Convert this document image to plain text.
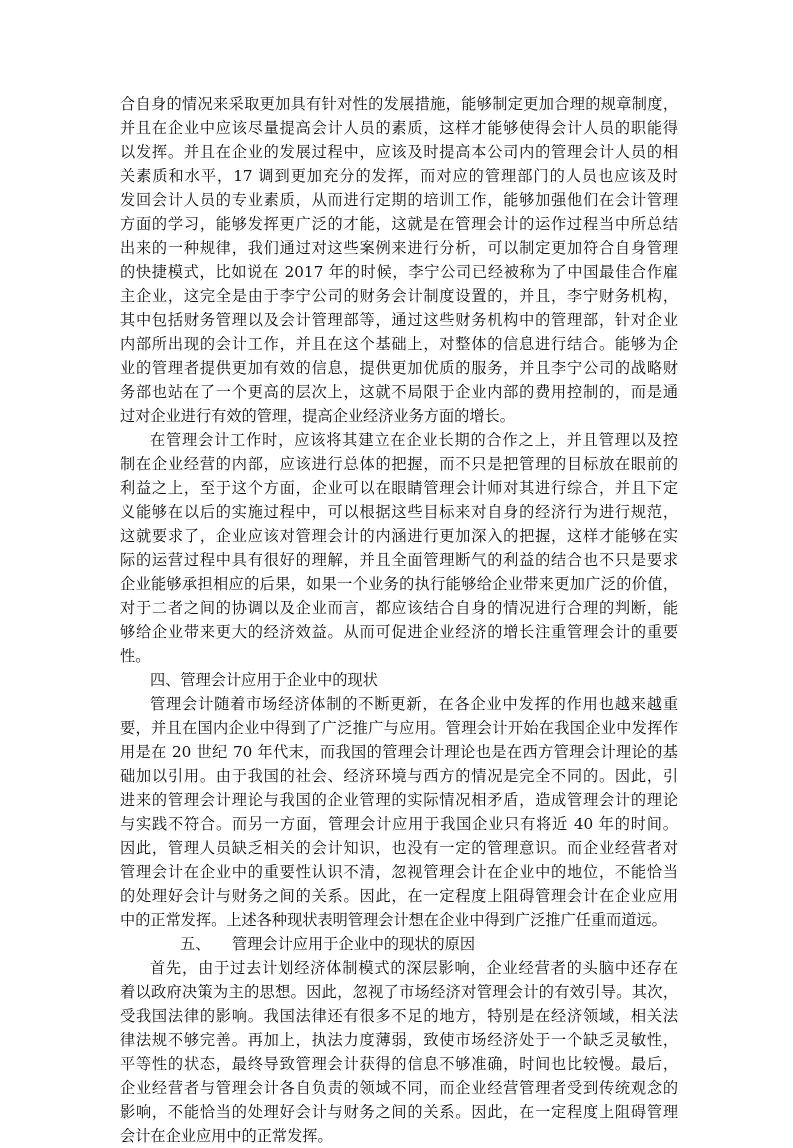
合自身的情况来采取更加具有针对性的发展措施，能够制定更加合理的规章制度，
并且在企业中应该尽量提高会计人员的素质，这样才能够使得会计人员的职能得
以发挥。并且在企业的发展过程中，应该及时提高本公司内的管理会计人员的相
关素质和水平，17 调到更加充分的发挥，而对应的管理部门的人员也应该及时
发回会计人员的专业素质，从而进行定期的培训工作，能够加强他们在会计管理
方面的学习，能够发挥更广泛的才能，这就是在管理会计的运作过程当中所总结
出来的一种规律，我们通过对这些案例来进行分析，可以制定更加符合自身管理
的快捷模式，比如说在 2017 年的时候，李宁公司已经被称为了中国最佳合作雇
主企业，这完全是由于李宁公司的财务会计制度设置的，并且，李宁财务机构，
其中包括财务管理以及会计管理部等，通过这些财务机构中的管理部，针对企业
内部所出现的会计工作，并且在这个基础上，对整体的信息进行结合。能够为企
业的管理者提供更加有效的信息，提供更加优质的服务，并且李宁公司的战略财
务部也站在了一个更高的层次上，这就不局限于企业内部的费用控制的，而是通
过对企业进行有效的管理，提高企业经济业务方面的增长。
在管理会计工作时，应该将其建立在企业长期的合作之上，并且管理以及控
制在企业经营的内部，应该进行总体的把握，而不只是把管理的目标放在眼前的
利益之上，至于这个方面，企业可以在眼睛管理会计师对其进行综合，并且下定
义能够在以后的实施过程中，可以根据这些目标来对自身的经济行为进行规范，
这就要求了，企业应该对管理会计的内涵进行更加深入的把握，这样才能够在实
际的运营过程中具有很好的理解，并且全面管理断气的利益的结合也不只是要求
企业能够承担相应的后果，如果一个业务的执行能够给企业带来更加广泛的价值，
对于二者之间的协调以及企业而言，都应该结合自身的情况进行合理的判断，能
够给企业带来更大的经济效益。从而可促进企业经济的增长注重管理会计的重要
性。
四、管理会计应用于企业中的现状
管理会计随着市场经济体制的不断更新，在各企业中发挥的作用也越来越重
要，并且在国内企业中得到了广泛推广与应用。管理会计开始在我国企业中发挥作
用是在 20 世纪 70 年代末，而我国的管理会计理论也是在西方管理会计理论的基
础加以引用。由于我国的社会、经济环境与西方的情况是完全不同的。因此，引
进来的管理会计理论与我国的企业管理的实际情况相矛盾，造成管理会计的理论
与实践不符合。而另一方面，管理会计应用于我国企业只有将近 40 年的时间。
因此，管理人员缺乏相关的会计知识，也没有一定的管理意识。而企业经营者对
管理会计在企业中的重要性认识不清，忽视管理会计在企业中的地位，不能恰当
的处理好会计与财务之间的关系。因此，在一定程度上阻碍管理会计在企业应用
中的正常发挥。上述各种现状表明管理会计想在企业中得到广泛推广任重而道远。
五、 管理会计应用于企业中的现状的原因
首先，由于过去计划经济体制模式的深层影响，企业经营者的头脑中还存在
着以政府决策为主的思想。因此，忽视了市场经济对管理会计的有效引导。其次，
受我国法律的影响。我国法律还有很多不足的地方，特别是在经济领域，相关法
律法规不够完善。再加上，执法力度薄弱，致使市场经济处于一个缺乏灵敏性，
平等性的状态，最终导致管理会计获得的信息不够准确，时间也比较慢。最后，
企业经营者与管理会计各自负责的领域不同，而企业经营管理者受到传统观念的
影响，不能恰当的处理好会计与财务之间的关系。因此，在一定程度上阻碍管理
会计在企业应用中的正常发挥。
